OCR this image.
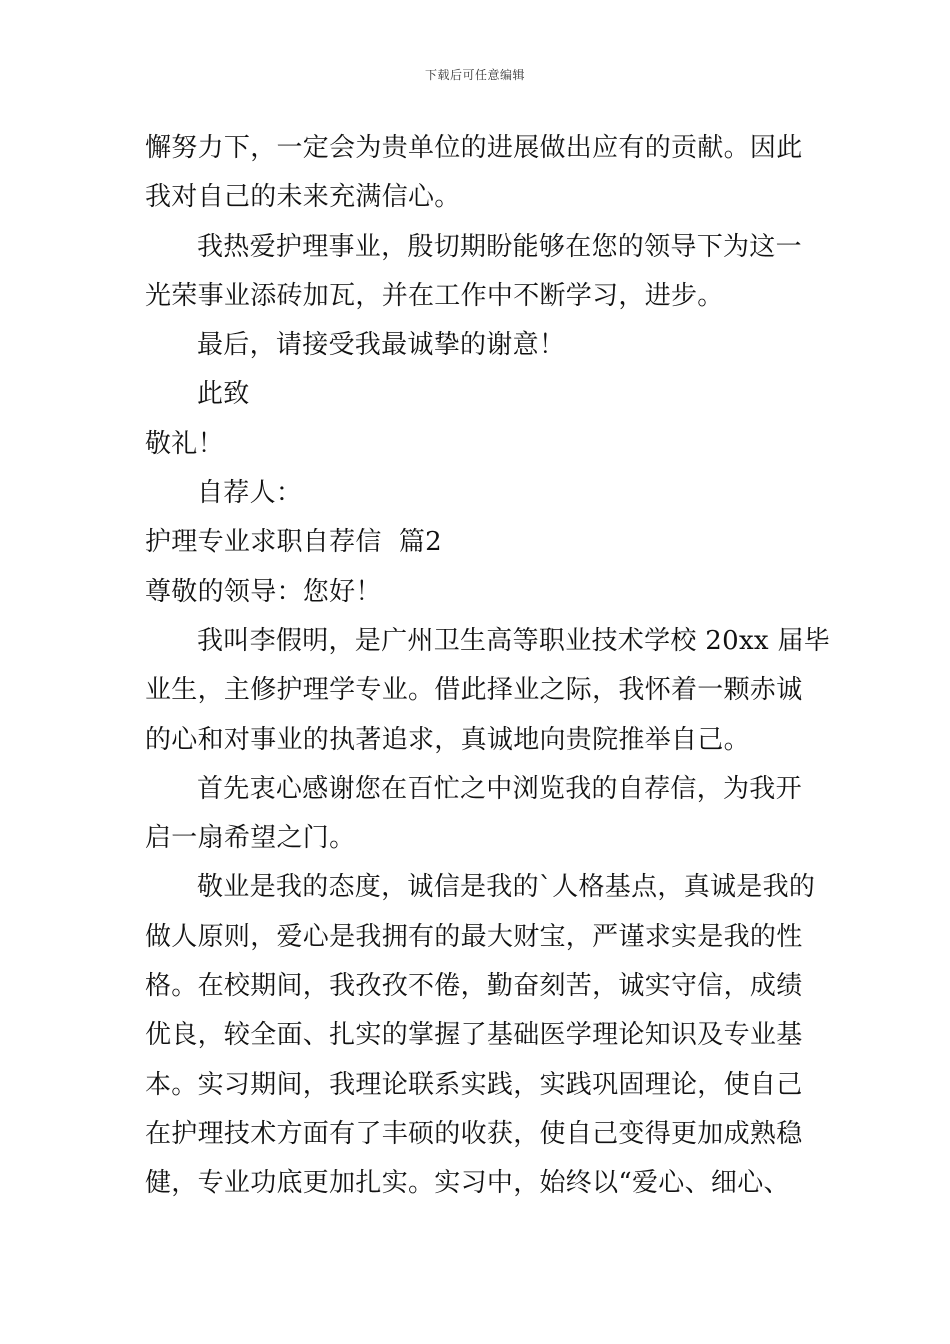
下载后可任意编辑
懈努力下，一定会为贵单位的进展做出应有的贡献。因此
我对自己的未来充满信心。
我热爱护理事业，殷切期盼能够在您的领导下为这一
光荣事业添砖加瓦，并在工作中不断学习，进步。
最后，请接受我最诚挚的谢意！
此致
敬礼！
自荐人：
护理专业求职自荐信  篇2
尊敬的领导：您好！
我叫李假明，是广州卫生高等职业技术学校 20xx 届毕
业生，主修护理学专业。借此择业之际，我怀着一颗赤诚
的心和对事业的执著追求，真诚地向贵院推举自己。
首先衷心感谢您在百忙之中浏览我的自荐信，为我开
启一扇希望之门。
敬业是我的态度，诚信是我的`人格基点，真诚是我的
做人原则，爱心是我拥有的最大财宝，严谨求实是我的性
格。在校期间，我孜孜不倦，勤奋刻苦，诚实守信，成绩
优良，较全面、扎实的掌握了基础医学理论知识及专业基
本。实习期间，我理论联系实践，实践巩固理论，使自己
在护理技术方面有了丰硕的收获，使自己变得更加成熟稳
健，专业功底更加扎实。实习中，始终以“爱心、细心、
